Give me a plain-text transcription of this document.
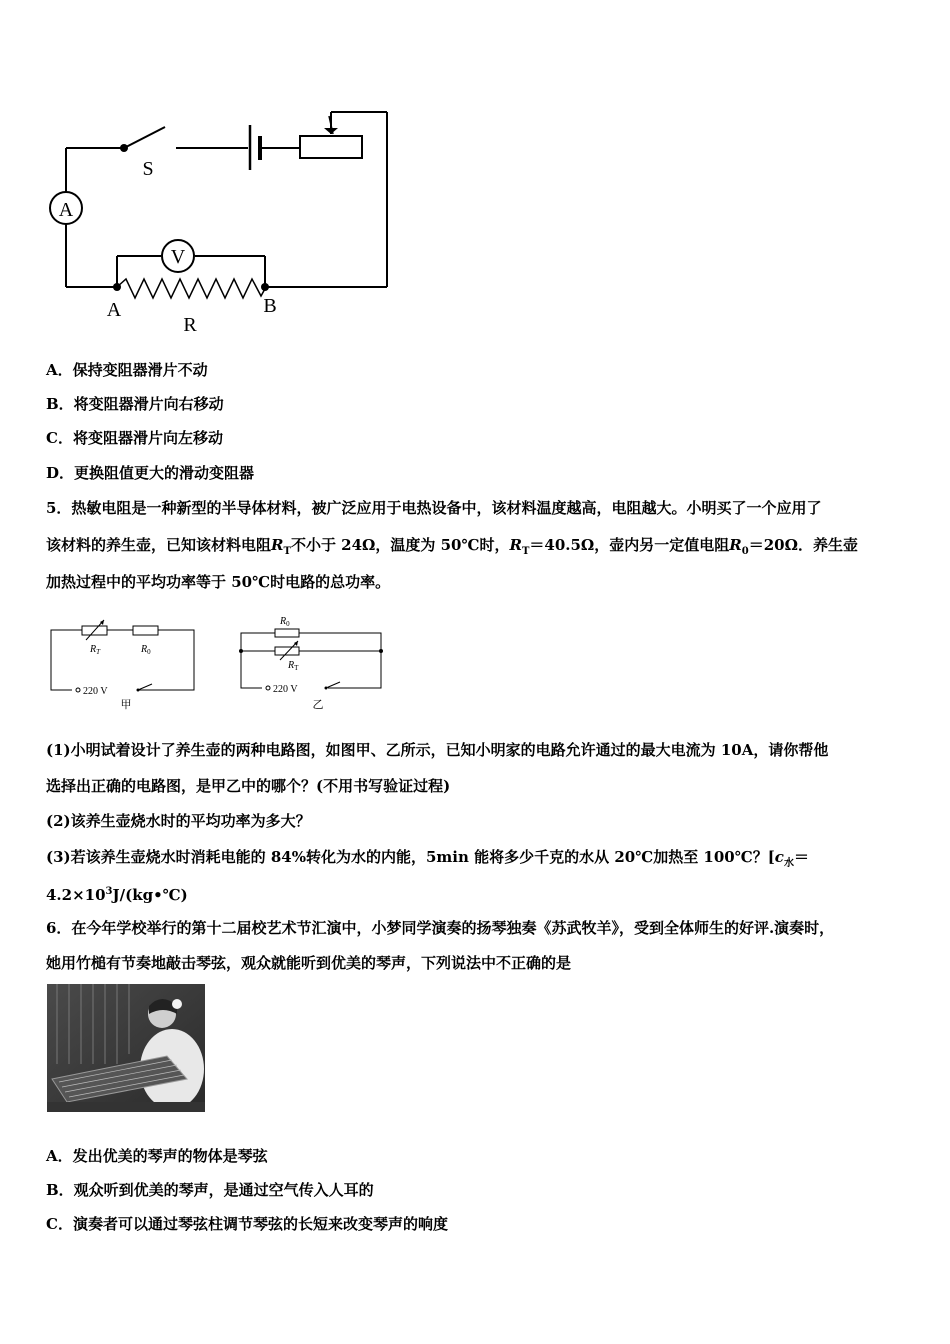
A
V
S
A	B
R
A．保持变阻器滑片不动
B．将变阻器滑片向右移动
C．将变阻器滑片向左移动
D．更换阻值更大的滑动变阻器
5．热敏电阻是一种新型的半导体材料，被广泛应用于电热设备中，该材料温度越高，电阻越大。小明买了一个应用了
该材料的养生壶，已知该材料电阻$R_T$不小于 24Ω，温度为 50℃时，$R_T=40.5\Omega$，壶内另一定值电阻$R_0=20\Omega$．养生壶
加热过程中的平均功率等于 50℃时电路的总功率。
$R_T$	$R_0$
220 V
甲
$R_0$
$R_T$
220 V
乙
(1)小明试着设计了养生壶的两种电路图，如图甲、乙所示，已知小明家的电路允许通过的最大电流为 10A，请你帮他
选择出正确的电路图，是甲乙中的哪个？(不用书写验证过程)
(2)该养生壶烧水时的平均功率为多大？
(3)若该养生壶烧水时消耗电能的 84%转化为水的内能，5min 能将多少千克的水从 20℃加热至 100℃？[$c_水=$
$4.2\times 10^3J/(kg•℃)$
6．在今年学校举行的第十二届校艺术节汇演中，小梦同学演奏的扬琴独奏《苏武牧羊》，受到全体师生的好评.演奏时，
她用竹槌有节奏地敲击琴弦，观众就能听到优美的琴声，下列说法中不正确的是
A．发出优美的琴声的物体是琴弦
B．观众听到优美的琴声，是通过空气传入人耳的
C．演奏者可以通过琴弦柱调节琴弦的长短来改变琴声的响度
